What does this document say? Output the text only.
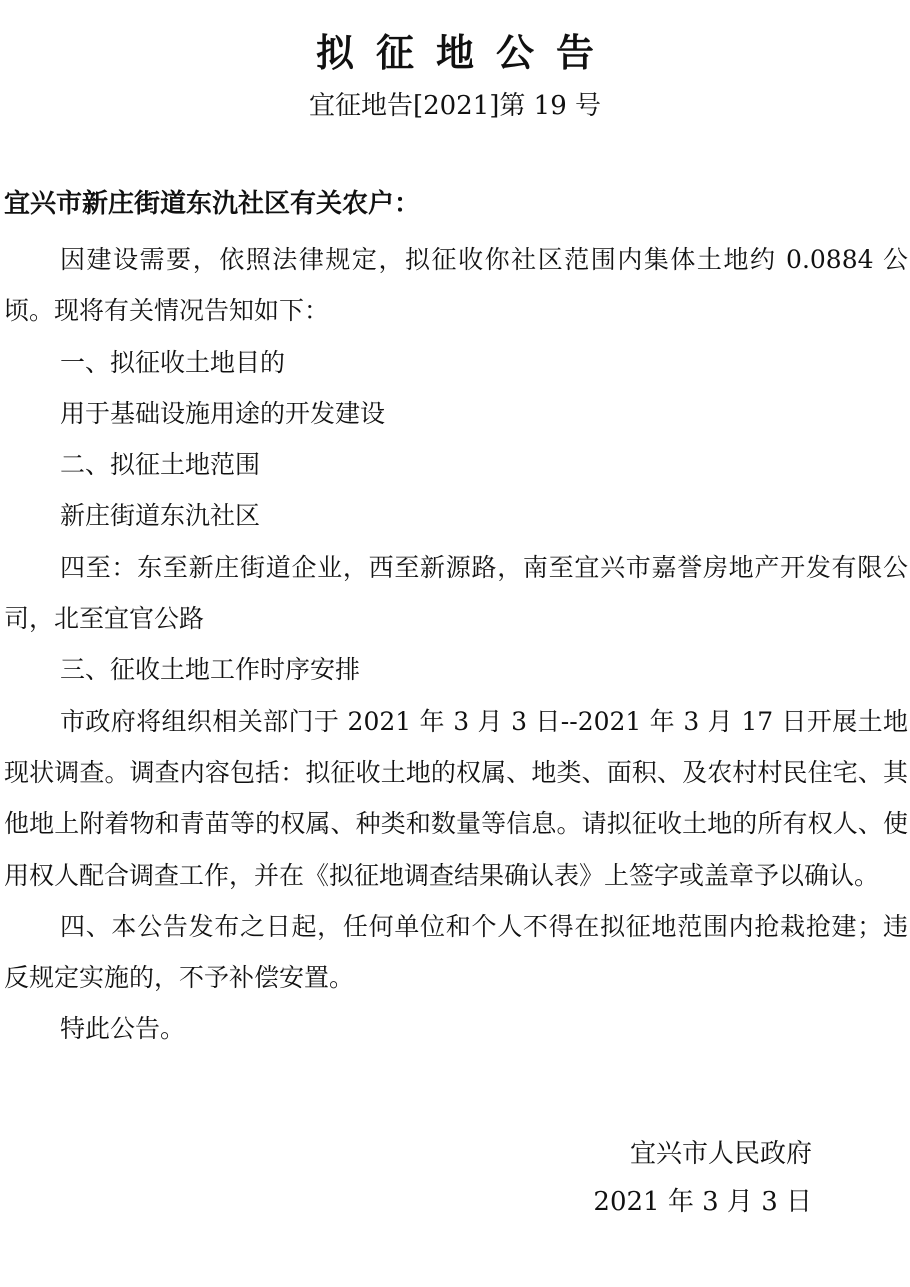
拟征地公告
宜征地告[2021]第 19 号
宜兴市新庄街道东氿社区有关农户：

因建设需要，依照法律规定，拟征收你社区范围内集体土地约 0.0884 公顷。现将有关情况告知如下：

一、拟征收土地目的

用于基础设施用途的开发建设

二、拟征土地范围

新庄街道东氿社区

四至：东至新庄街道企业，西至新源路，南至宜兴市嘉誉房地产开发有限公司，北至宜官公路

三、征收土地工作时序安排

市政府将组织相关部门于 2021 年 3 月 3 日--2021 年 3 月 17 日开展土地现状调查。调查内容包括：拟征收土地的权属、地类、面积、及农村村民住宅、其他地上附着物和青苗等的权属、种类和数量等信息。请拟征收土地的所有权人、使用权人配合调查工作，并在《拟征地调查结果确认表》上签字或盖章予以确认。

四、本公告发布之日起，任何单位和个人不得在拟征地范围内抢栽抢建；违反规定实施的，不予补偿安置。

特此公告。

宜兴市人民政府
2021 年 3 月 3 日
